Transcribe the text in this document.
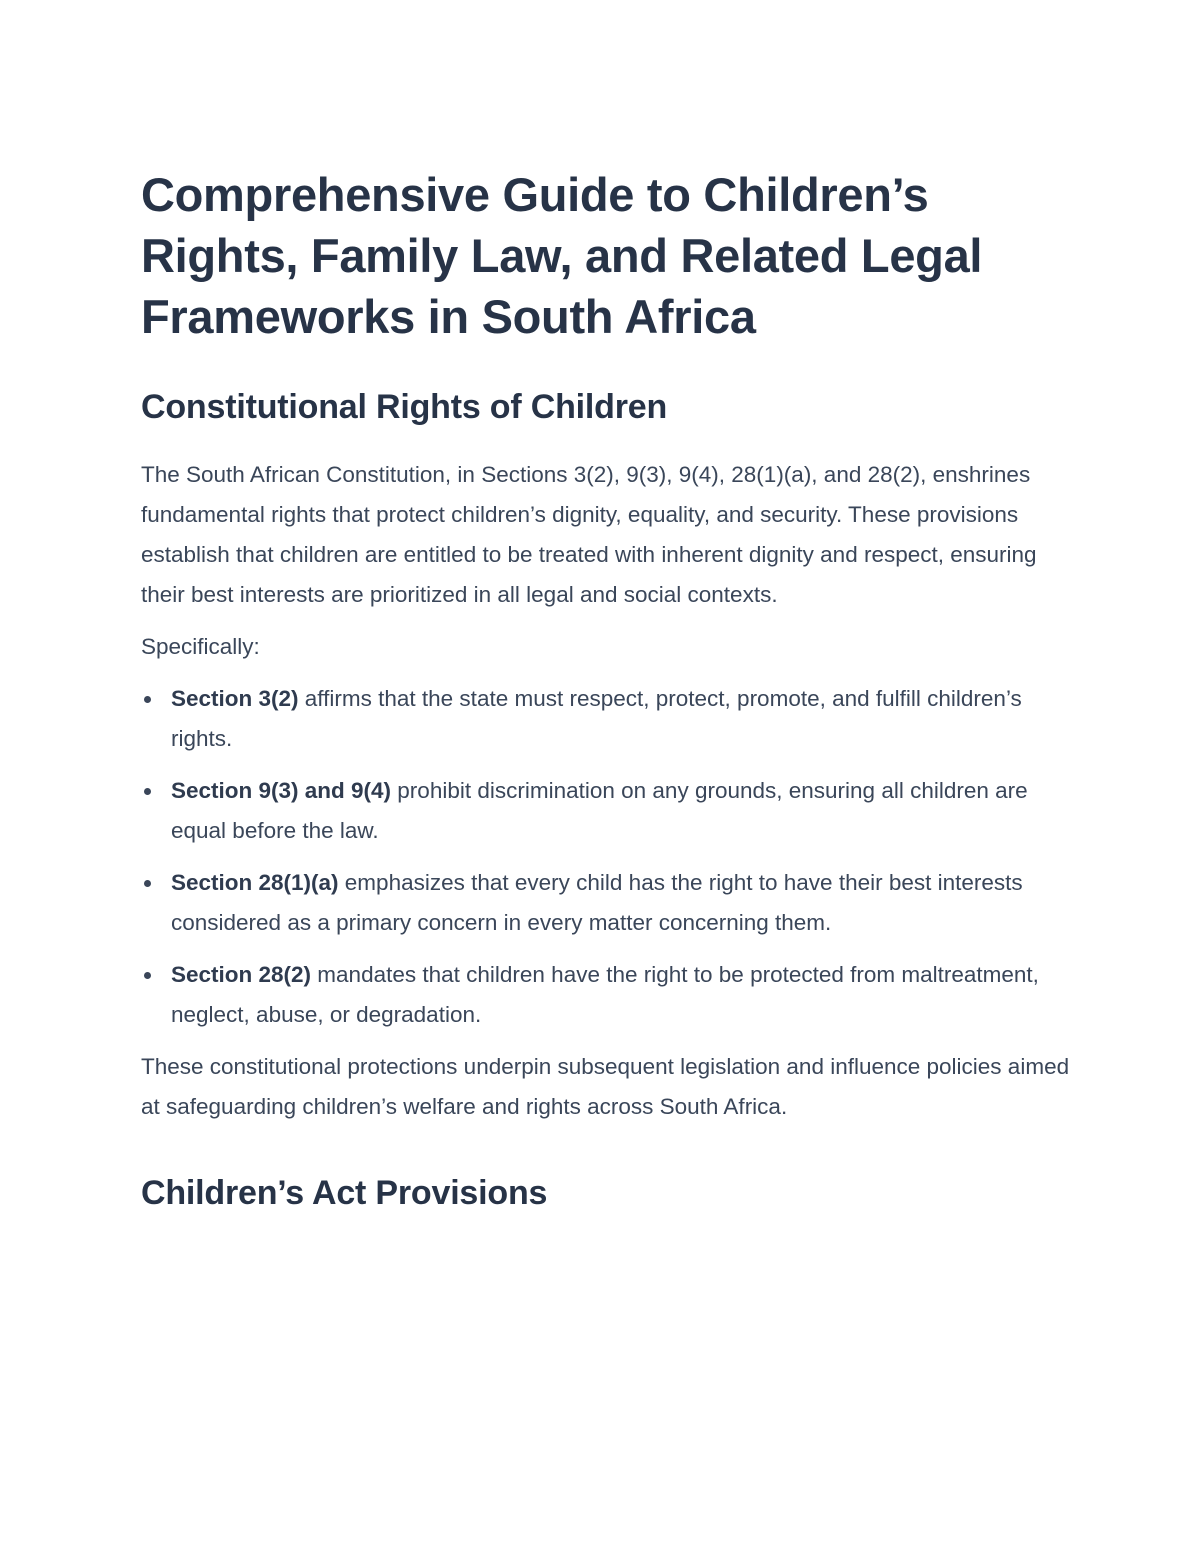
Comprehensive Guide to Children’s Rights, Family Law, and Related Legal Frameworks in South Africa
Constitutional Rights of Children

The South African Constitution, in Sections 3(2), 9(3), 9(4), 28(1)(a), and 28(2), enshrines fundamental rights that protect children’s dignity, equality, and security. These provisions establish that children are entitled to be treated with inherent dignity and respect, ensuring their best interests are prioritized in all legal and social contexts.

Specifically:

Section 3(2) affirms that the state must respect, protect, promote, and fulfill children’s rights.
Section 9(3) and 9(4) prohibit discrimination on any grounds, ensuring all children are equal before the law.
Section 28(1)(a) emphasizes that every child has the right to have their best interests considered as a primary concern in every matter concerning them.
Section 28(2) mandates that children have the right to be protected from maltreatment, neglect, abuse, or degradation.

These constitutional protections underpin subsequent legislation and influence policies aimed at safeguarding children’s welfare and rights across South Africa.

Children’s Act Provisions
